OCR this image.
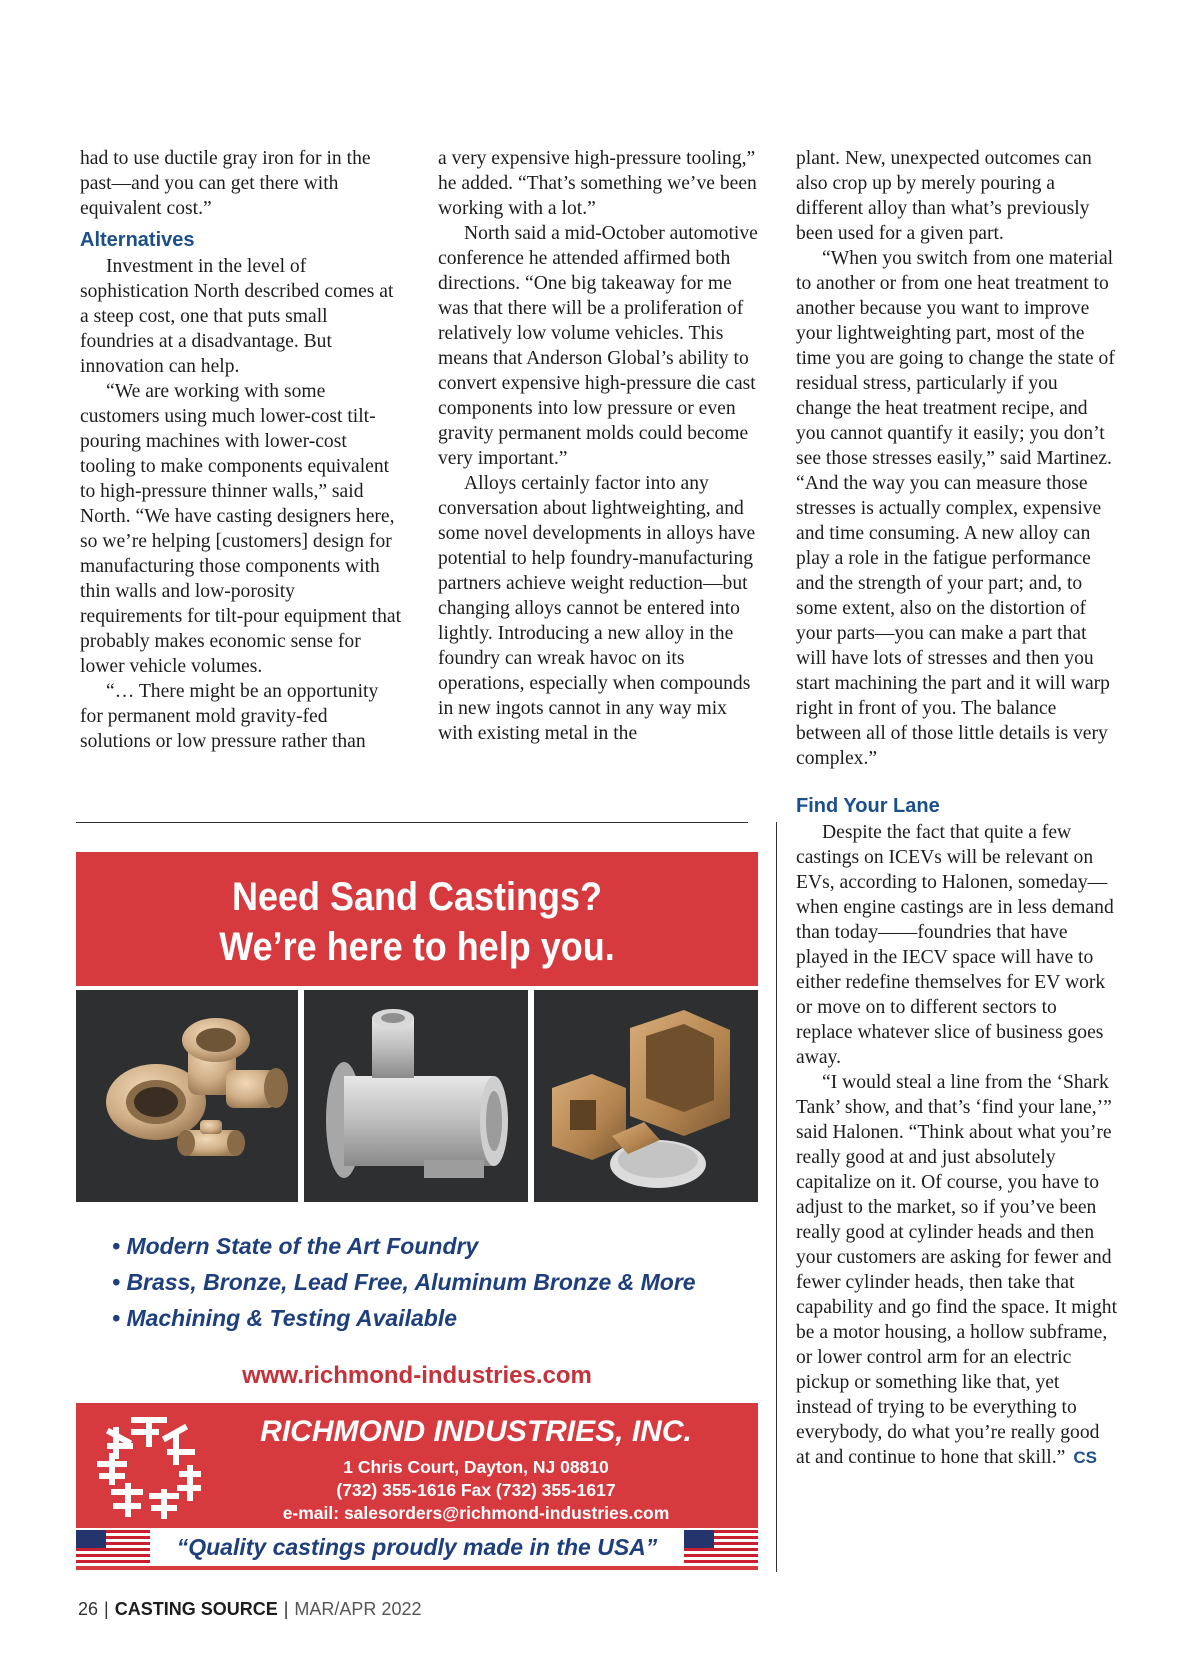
had to use ductile gray iron for in the past—and you can get there with equivalent cost.”

Alternatives

Investment in the level of sophistication North described comes at a steep cost, one that puts small foundries at a disadvantage. But innovation can help.

“We are working with some customers using much lower-cost tilt-pouring machines with lower-cost tooling to make components equivalent to high-pressure thinner walls,” said North. “We have casting designers here, so we’re helping [customers] design for manufacturing those components with thin walls and low-porosity requirements for tilt-pour equipment that probably makes economic sense for lower vehicle volumes.

“… There might be an opportunity for permanent mold gravity-fed solutions or low pressure rather than

a very expensive high-pressure tooling,” he added. “That’s something we’ve been working with a lot.”

North said a mid-October automotive conference he attended affirmed both directions. “One big takeaway for me was that there will be a proliferation of relatively low volume vehicles. This means that Anderson Global’s ability to convert expensive high-pressure die cast components into low pressure or even gravity permanent molds could become very important.”

Alloys certainly factor into any conversation about lightweighting, and some novel developments in alloys have potential to help foundry-manufacturing partners achieve weight reduction—but changing alloys cannot be entered into lightly. Introducing a new alloy in the foundry can wreak havoc on its operations, especially when compounds in new ingots cannot in any way mix with existing metal in the

plant. New, unexpected outcomes can also crop up by merely pouring a different alloy than what’s previously been used for a given part.

“When you switch from one material to another or from one heat treatment to another because you want to improve your lightweighting part, most of the time you are going to change the state of residual stress, particularly if you change the heat treatment recipe, and you cannot quantify it easily; you don’t see those stresses easily,” said Martinez. “And the way you can measure those stresses is actually complex, expensive and time consuming. A new alloy can play a role in the fatigue performance and the strength of your part; and, to some extent, also on the distortion of your parts—you can make a part that will have lots of stresses and then you start machining the part and it will warp right in front of you. The balance between all of those little details is very complex.”

Find Your Lane

Despite the fact that quite a few castings on ICEVs will be relevant on EVs, according to Halonen, someday—when engine castings are in less demand than today——foundries that have played in the IECV space will have to either redefine themselves for EV work or move on to different sectors to replace whatever slice of business goes away.

“I would steal a line from the ‘Shark Tank’ show, and that’s ‘find your lane,’” said Halonen. “Think about what you’re really good at and just absolutely capitalize on it. Of course, you have to adjust to the market, so if you’ve been really good at cylinder heads and then your customers are asking for fewer and fewer cylinder heads, then take that capability and go find the space. It might be a motor housing, a hollow subframe, or lower control arm for an electric pickup or something like that, yet instead of trying to be everything to everybody, do what you’re really good at and continue to hone that skill.” CS

Need Sand Castings?
We’re here to help you.
• Modern State of the Art Foundry
• Brass, Bronze, Lead Free, Aluminum Bronze & More
• Machining & Testing Available
www.richmond-industries.com
RICHMOND INDUSTRIES, INC.
1 Chris Court, Dayton, NJ 08810
(732) 355-1616 Fax (732) 355-1617
e-mail: salesorders@richmond-industries.com
“Quality castings proudly made in the USA”
26 | CASTING SOURCE | MAR/APR 2022
